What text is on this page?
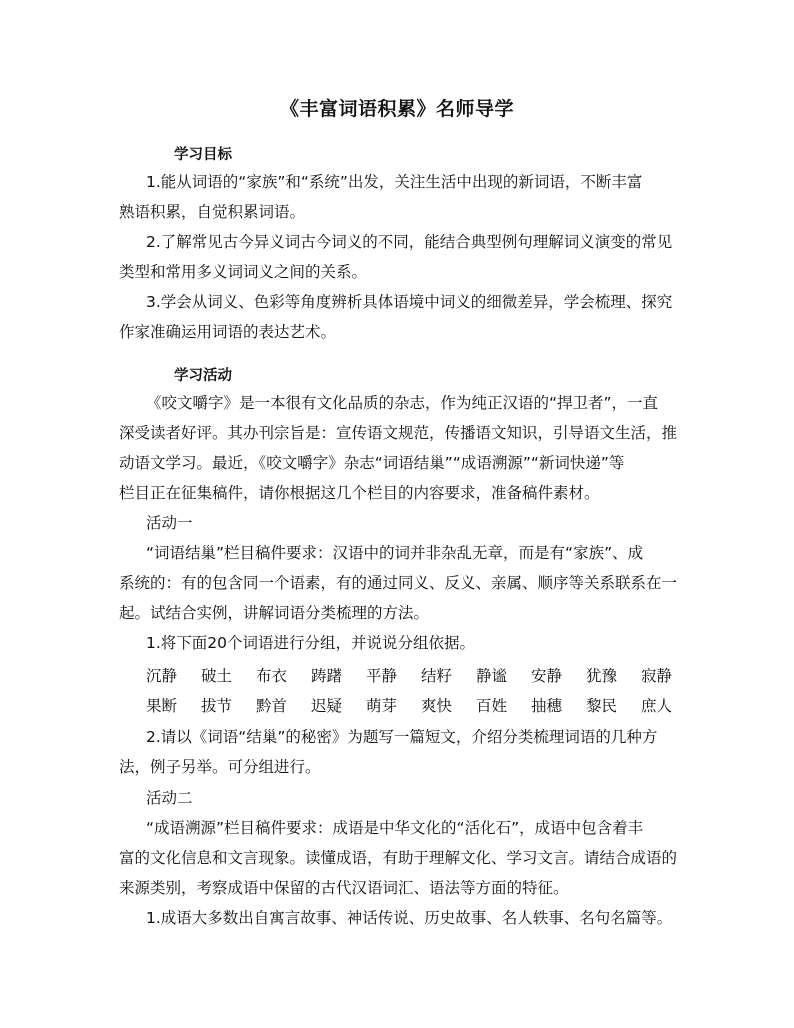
《丰富词语积累》名师导学
学习目标
1.能从词语的“家族”和“系统”出发，关注生活中出现的新词语，不断丰富
熟语积累，自觉积累词语。
2.了解常见古今异义词古今词义的不同，能结合典型例句理解词义演变的常见
类型和常用多义词词义之间的关系。
3.学会从词义、色彩等角度辨析具体语境中词义的细微差异，学会梳理、探究
作家准确运用词语的表达艺术。
学习活动
《咬文嚼字》是一本很有文化品质的杂志，作为纯正汉语的“捍卫者”，一直
深受读者好评。其办刊宗旨是：宣传语文规范，传播语文知识，引导语文生活，推
动语文学习。最近，《咬文嚼字》杂志“词语结巢”“成语溯源”“新词快递”等
栏目正在征集稿件，请你根据这几个栏目的内容要求，准备稿件素材。
活动一
“词语结巢”栏目稿件要求：汉语中的词并非杂乱无章，而是有“家族”、成
系统的：有的包含同一个语素，有的通过同义、反义、亲属、顺序等关系联系在一
起。试结合实例，讲解词语分类梳理的方法。
1.将下面20个词语进行分组，并说说分组依据。
沉静 破土 布衣 踌躇 平静 结籽 静谧 安静 犹豫 寂静
果断 拔节 黔首 迟疑 萌芽 爽快 百姓 抽穗 黎民 庶人
2.请以《词语“结巢”的秘密》为题写一篇短文，介绍分类梳理词语的几种方
法，例子另举。可分组进行。
活动二
“成语溯源”栏目稿件要求：成语是中华文化的“活化石”，成语中包含着丰
富的文化信息和文言现象。读懂成语，有助于理解文化、学习文言。请结合成语的
来源类别，考察成语中保留的古代汉语词汇、语法等方面的特征。
1.成语大多数出自寓言故事、神话传说、历史故事、名人轶事、名句名篇等。
